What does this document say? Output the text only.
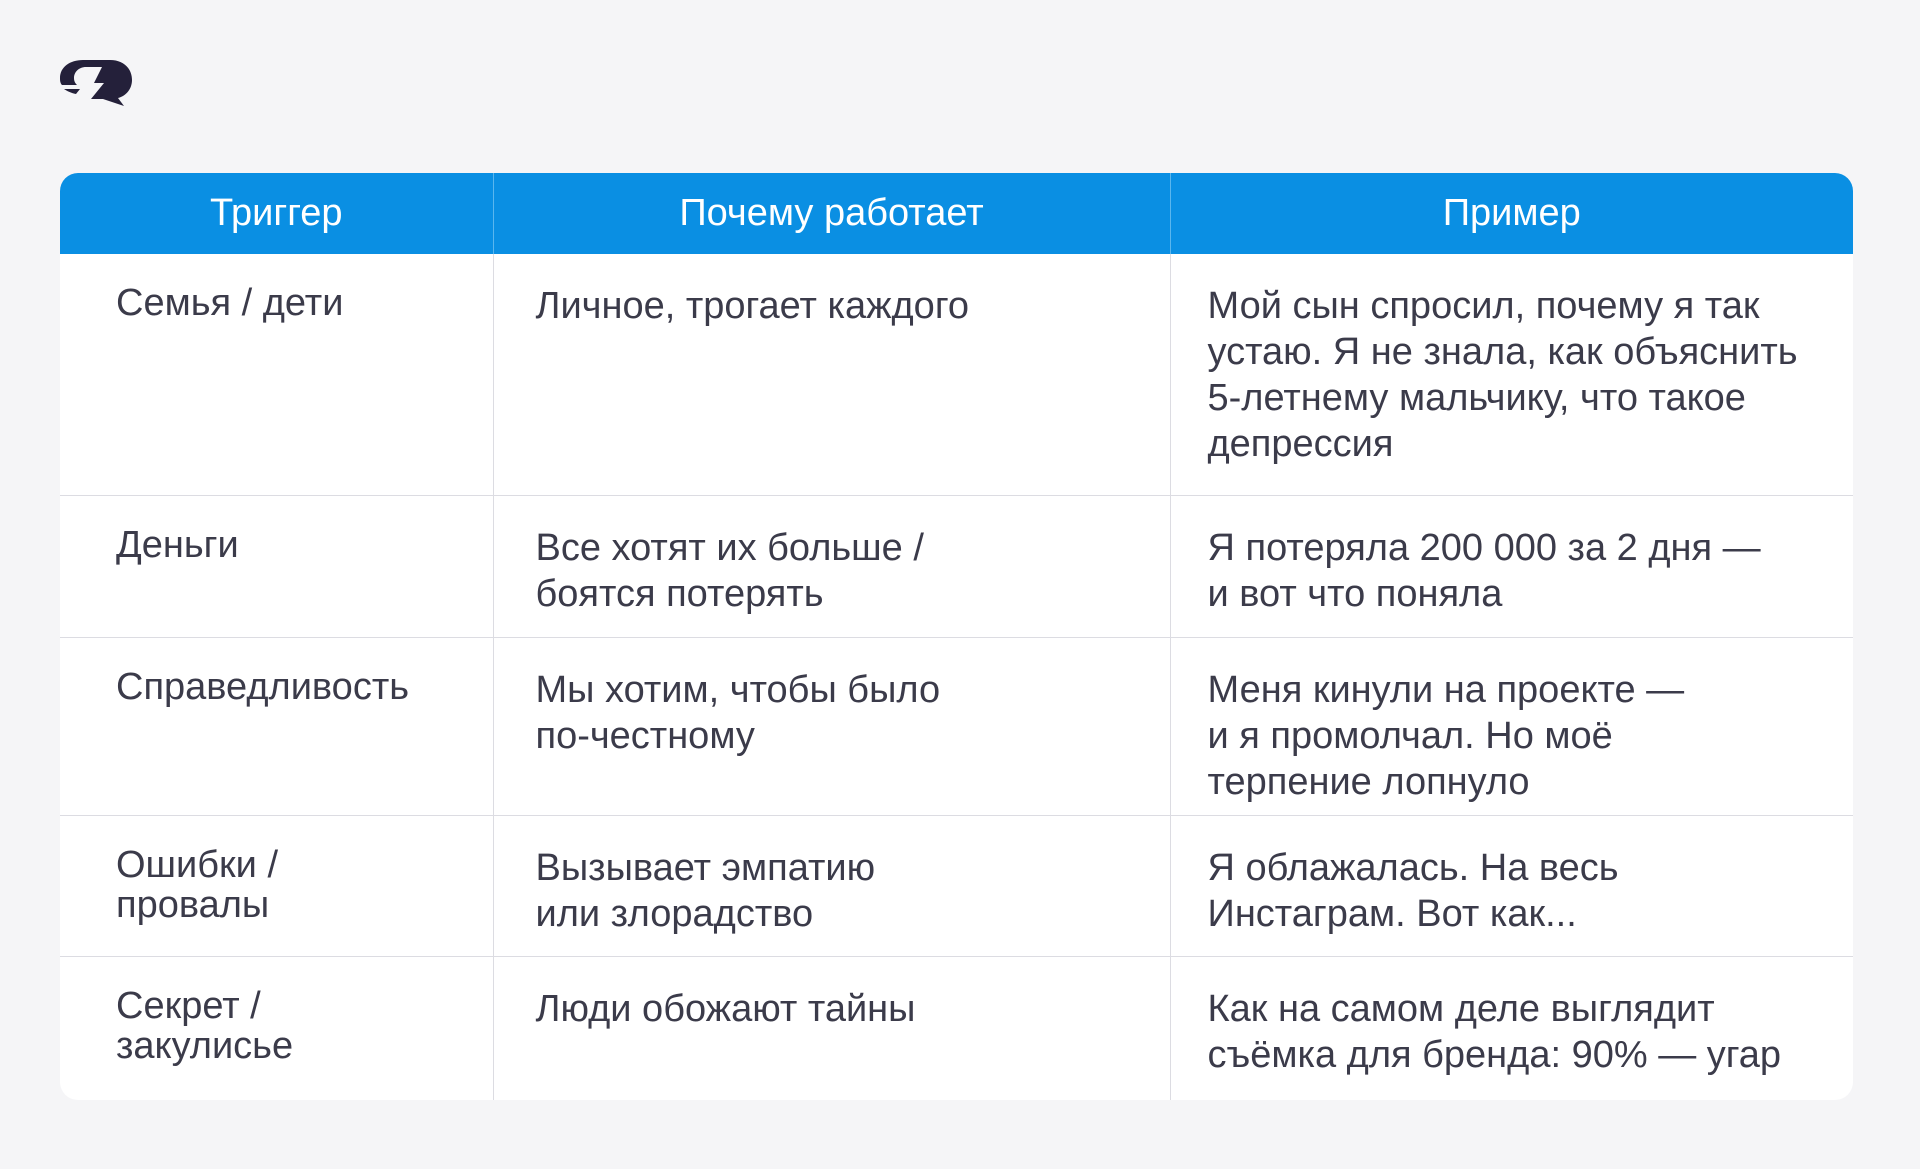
Триггер	Почему работает	Пример

Семья / дети	Личное, трогает каждого	Мой сын спросил, почему я так
устаю. Я не знала, как объяснить
5-летнему мальчику, что такое
депрессия

Деньги	Все хотят их больше /
боятся потерять	Я потеряла 200 000 за 2 дня —
и вот что поняла

Справедливость	Мы хотим, чтобы было
по-честному	Меня кинули на проекте —
и я промолчал. Но моё
терпение лопнуло

Ошибки /
провалы	Вызывает эмпатию
или злорадство	Я облажалась. На весь
Инстаграм. Вот как...

Секрет /
закулисье	Люди обожают тайны	Как на самом деле выглядит
съёмка для бренда: 90% — угар
